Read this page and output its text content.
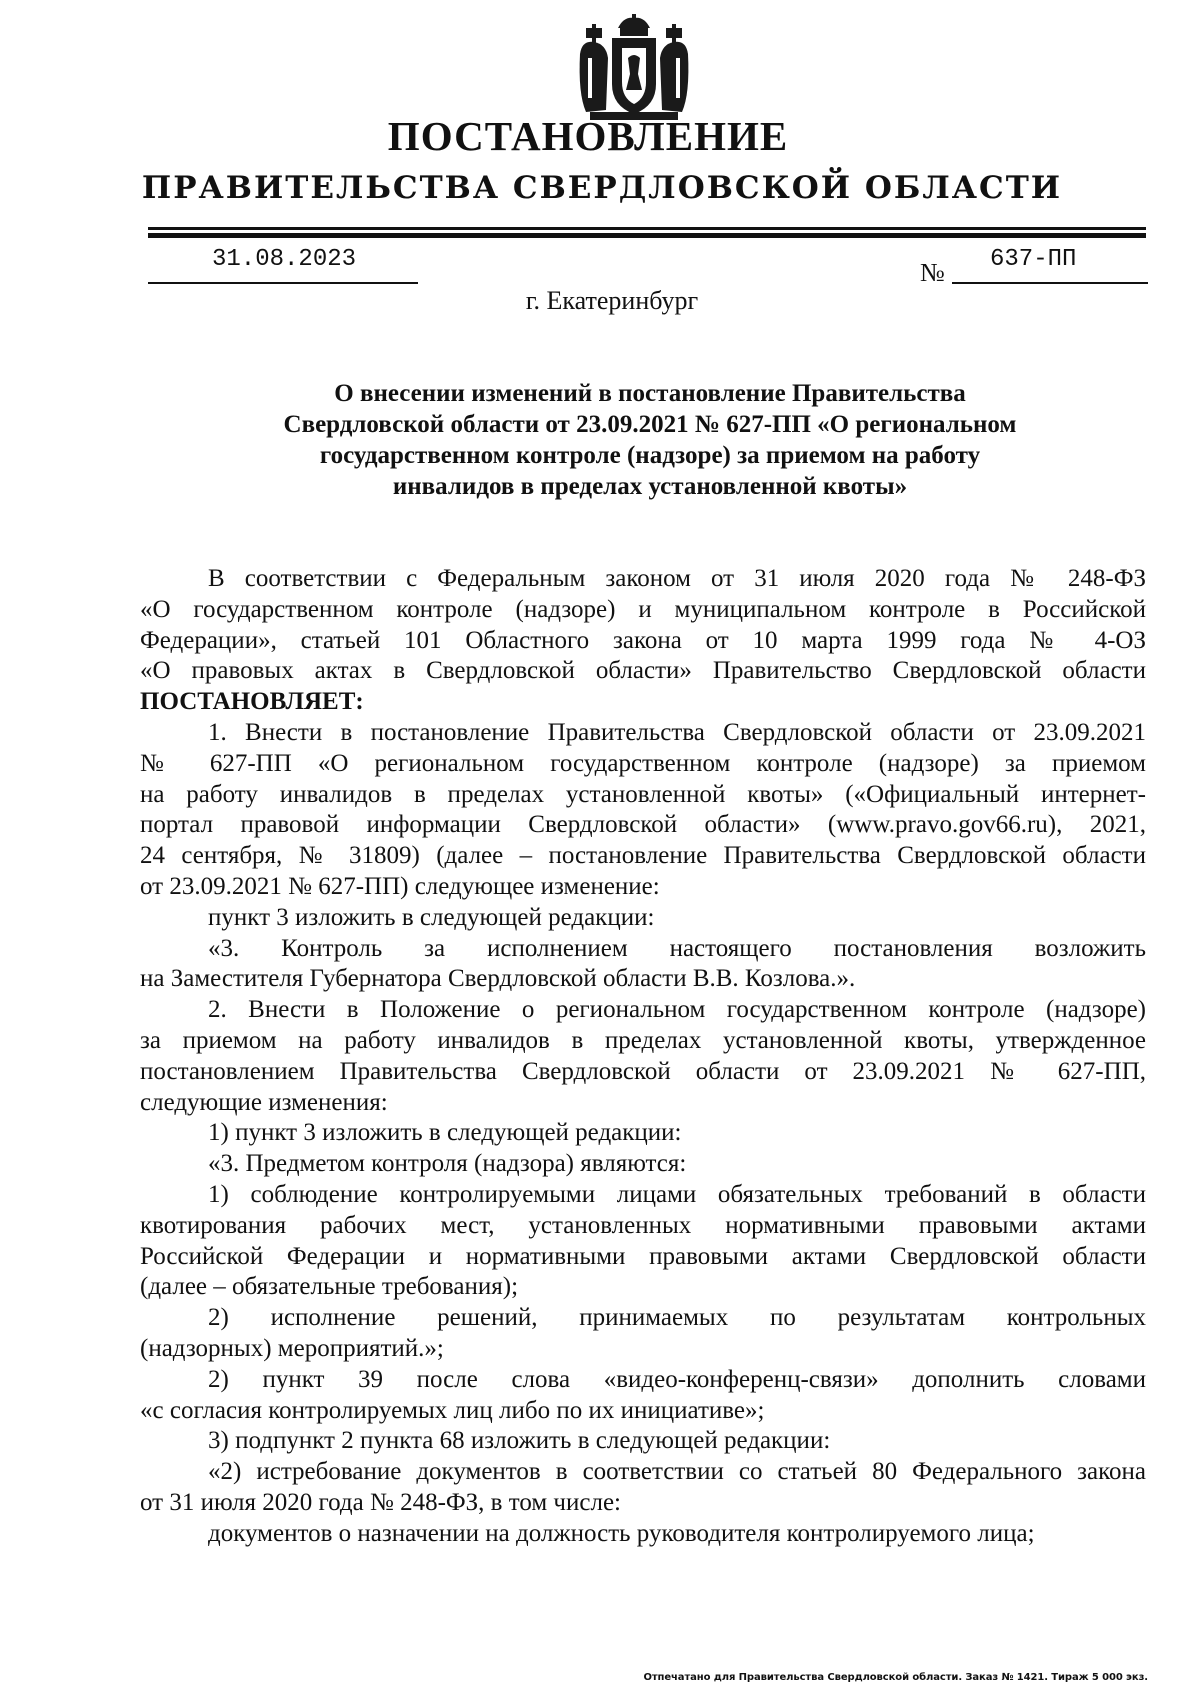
ПОСТАНОВЛЕНИЕ
ПРАВИТЕЛЬСТВА СВЕРДЛОВСКОЙ ОБЛАСТИ
31.08.2023	№ 637-ПП
г. Екатеринбург
О внесении изменений в постановление Правительства
Свердловской области от 23.09.2021 № 627-ПП «О региональном
государственном контроле (надзоре) за приемом на работу
инвалидов в пределах установленной квоты»
В соответствии с Федеральным законом от 31 июля 2020 года № 248-ФЗ
«О государственном контроле (надзоре) и муниципальном контроле в Российской
Федерации», статьей 101 Областного закона от 10 марта 1999 года № 4-ОЗ
«О правовых актах в Свердловской области» Правительство Свердловской области
ПОСТАНОВЛЯЕТ:
1. Внести в постановление Правительства Свердловской области от 23.09.2021
№ 627-ПП «О региональном государственном контроле (надзоре) за приемом
на работу инвалидов в пределах установленной квоты» («Официальный интернет-
портал правовой информации Свердловской области» (www.pravo.gov66.ru), 2021,
24 сентября, № 31809) (далее – постановление Правительства Свердловской области
от 23.09.2021 № 627-ПП) следующее изменение:
пункт 3 изложить в следующей редакции:
«3. Контроль за исполнением настоящего постановления возложить
на Заместителя Губернатора Свердловской области В.В. Козлова.».
2. Внести в Положение о региональном государственном контроле (надзоре)
за приемом на работу инвалидов в пределах установленной квоты, утвержденное
постановлением Правительства Свердловской области от 23.09.2021 № 627-ПП,
следующие изменения:
1) пункт 3 изложить в следующей редакции:
«3. Предметом контроля (надзора) являются:
1) соблюдение контролируемыми лицами обязательных требований в области
квотирования рабочих мест, установленных нормативными правовыми актами
Российской Федерации и нормативными правовыми актами Свердловской области
(далее – обязательные требования);
2) исполнение решений, принимаемых по результатам контрольных
(надзорных) мероприятий.»;
2) пункт 39 после слова «видео-конференц-связи» дополнить словами
«с согласия контролируемых лиц либо по их инициативе»;
3) подпункт 2 пункта 68 изложить в следующей редакции:
«2) истребование документов в соответствии со статьей 80 Федерального закона
от 31 июля 2020 года № 248-ФЗ, в том числе:
документов о назначении на должность руководителя контролируемого лица;
Отпечатано для Правительства Свердловской области. Заказ № 1421. Тираж 5 000 экз.
